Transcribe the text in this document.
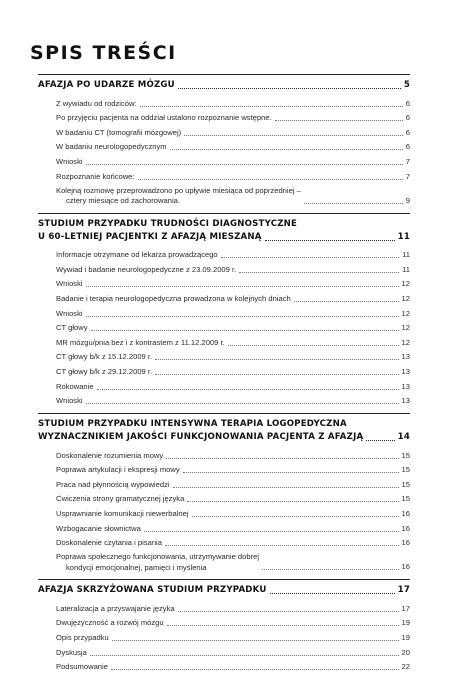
SPIS TREŚCI
AFAZJA PO UDARZE MÓZGU	5
Z wywiadu od rodziców:	6
Po przyjęciu pacjenta na oddział ustalono rozpoznanie wstępne.	6
W badaniu CT (tomografii mózgowej)	6
W badaniu neurologopedycznym	6
Wnioski	7
Rozpoznanie końcowe:	7
Kolejną rozmowę przeprowadzono po upływie miesiąca od poprzedniej –
czte​ry miesiące od zachorowania.	9
STUDIUM PRZYPADKU TRUDNOŚCI DIAGNOSTYCZNE
U 60-LETNIEJ PACJENTKI Z AFAZJĄ MIESZANĄ	11
Informacje otrzymane od lekarza prowadzącego	11
Wywiad i badanie neurologopedyczne z 23.09.2009 r.	11
Wnioski	12
Badanie i terapia neurologopedyczna prowadzona w kolejnych dniach	12
Wnioski	12
CT głowy	12
MR mózgu/pnia bez i z kontrastem z 11.12.2009 r.	12
CT głowy b/k z 15.12.2009 r.	13
CT głowy b/k z 29.12.2009 r.	13
Rokowanie	13
Wnioski	13
STUDIUM PRZYPADKU INTENSYWNA TERAPIA LOGOPEDYCZNA
WYZNACZNIKIEM JAKOŚCI FUNKCJONOWANIA PACJENTA Z AFAZJĄ	14
Doskonalenie rozumienia mowy	15
Poprawa artykulacji i ekspresji mowy	15
Praca nad płynnością wypowiedzi	15
Ćwiczenia strony gramatycznej języka	15
Usprawnianie komunikacji niewerbalnej	16
Wzbogacanie słownictwa	16
Doskonalenie czytania i pisania	16
Poprawa społecznego funkcjonowania, utrzymywanie dobrej
kondycji emocjonalnej, pamięci i myślenia	16
AFAZJA SKRZYŻOWANA STUDIUM PRZYPADKU	17
Lateralizacja a przyswajanie języka	17
Dwujęzyczność a rozwój mózgu	19
Opis przypadku	19
Dyskusja	20
Podsumowanie	22
